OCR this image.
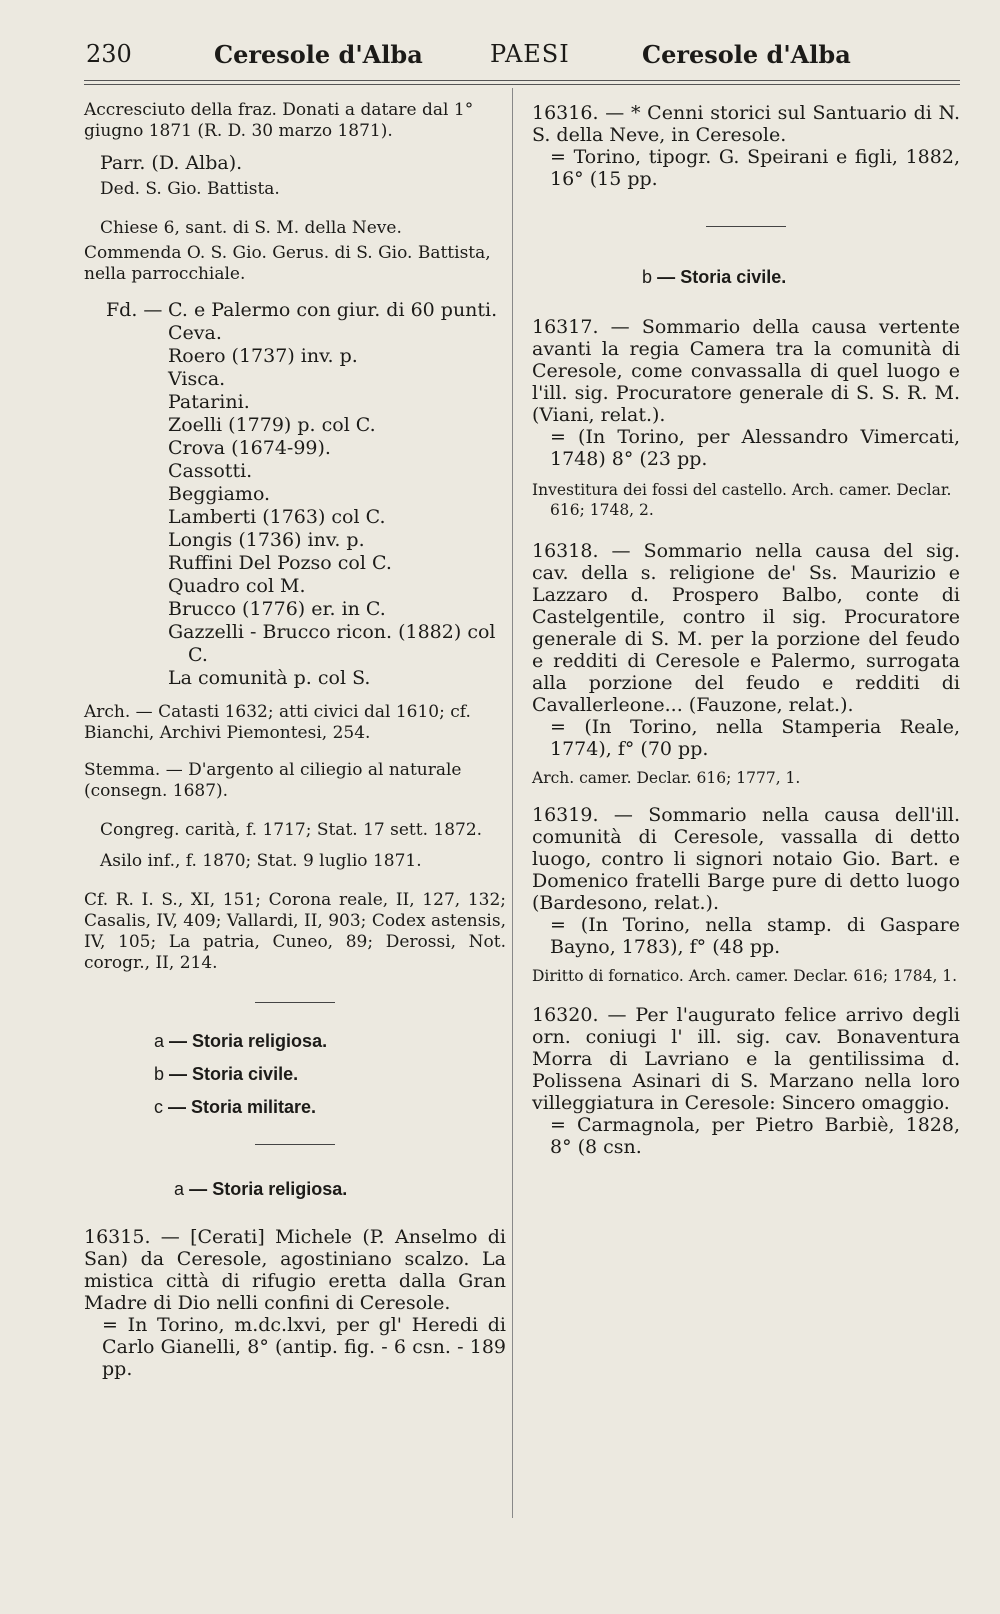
230	Ceresole d'Alba	PAESI	Ceresole d'Alba

Accresciuto della fraz. Donati a datare dal 1° giugno 1871 (R. D. 30 marzo 1871).

Parr. (D. Alba).

Ded. S. Gio. Battista.

Chiese 6, sant. di S. M. della Neve.

Commenda O. S. Gio. Gerus. di S. Gio. Battista, nella parrocchiale.

Fd. — C. e Palermo con giur. di 60 punti.

Ceva.

Roero (1737) inv. p.

Visca.

Patarini.

Zoelli (1779) p. col C.

Crova (1674-99).

Cassotti.

Beggiamo.

Lamberti (1763) col C.

Longis (1736) inv. p.

Ruffini Del Pozso col C.

Quadro col M.

Brucco (1776) er. in C.

Gazzelli - Brucco ricon. (1882) col C.

La comunità p. col S.

Arch. — Catasti 1632; atti civici dal 1610; cf. Bianchi, Archivi Piemontesi, 254.

Stemma. — D'argento al ciliegio al naturale (consegn. 1687).

Congreg. carità, f. 1717; Stat. 17 sett. 1872.

Asilo inf., f. 1870; Stat. 9 luglio 1871.

Cf. R. I. S., XI, 151; Corona reale, II, 127, 132; Casalis, IV, 409; Vallardi, II, 903; Codex astensis, IV, 105; La patria, Cuneo, 89; Derossi, Not. corogr., II, 214.

a — Storia religiosa.

b — Storia civile.

c — Storia militare.

a — Storia religiosa.

16315. — [Cerati] Michele (P. Anselmo di San) da Ceresole, agostiniano scalzo. La mistica città di rifugio eretta dalla Gran Madre di Dio nelli confini di Ceresole.

= In Torino, m.dc.lxvi, per gl' Heredi di Carlo Gianelli, 8° (antip. fig. - 6 csn. - 189 pp.

16316. — * Cenni storici sul Santuario di N. S. della Neve, in Ceresole.

= Torino, tipogr. G. Speirani e figli, 1882, 16° (15 pp.

b — Storia civile.

16317. — Sommario della causa vertente avanti la regia Camera tra la comunità di Ceresole, come convassalla di quel luogo e l'ill. sig. Procuratore generale di S. S. R. M. (Viani, relat.).

= (In Torino, per Alessandro Vimercati, 1748) 8° (23 pp.

Investitura dei fossi del castello. Arch. camer. Declar. 616; 1748, 2.

16318. — Sommario nella causa del sig. cav. della s. religione de' Ss. Maurizio e Lazzaro d. Prospero Balbo, conte di Castelgentile, contro il sig. Procuratore generale di S. M. per la porzione del feudo e redditi di Ceresole e Palermo, surrogata alla porzione del feudo e redditi di Cavallerleone... (Fauzone, relat.).

= (In Torino, nella Stamperia Reale, 1774), f° (70 pp.

Arch. camer. Declar. 616; 1777, 1.

16319. — Sommario nella causa dell'ill. comunità di Ceresole, vassalla di detto luogo, contro li signori notaio Gio. Bart. e Domenico fratelli Barge pure di detto luogo (Bardesono, relat.).

= (In Torino, nella stamp. di Gaspare Bayno, 1783), f° (48 pp.

Diritto di fornatico. Arch. camer. Declar. 616; 1784, 1.

16320. — Per l'augurato felice arrivo degli orn. coniugi l' ill. sig. cav. Bonaventura Morra di Lavriano e la gentilissima d. Polissena Asinari di S. Marzano nella loro villeggiatura in Ceresole: Sincero omaggio.

= Carmagnola, per Pietro Barbiè, 1828, 8° (8 csn.
